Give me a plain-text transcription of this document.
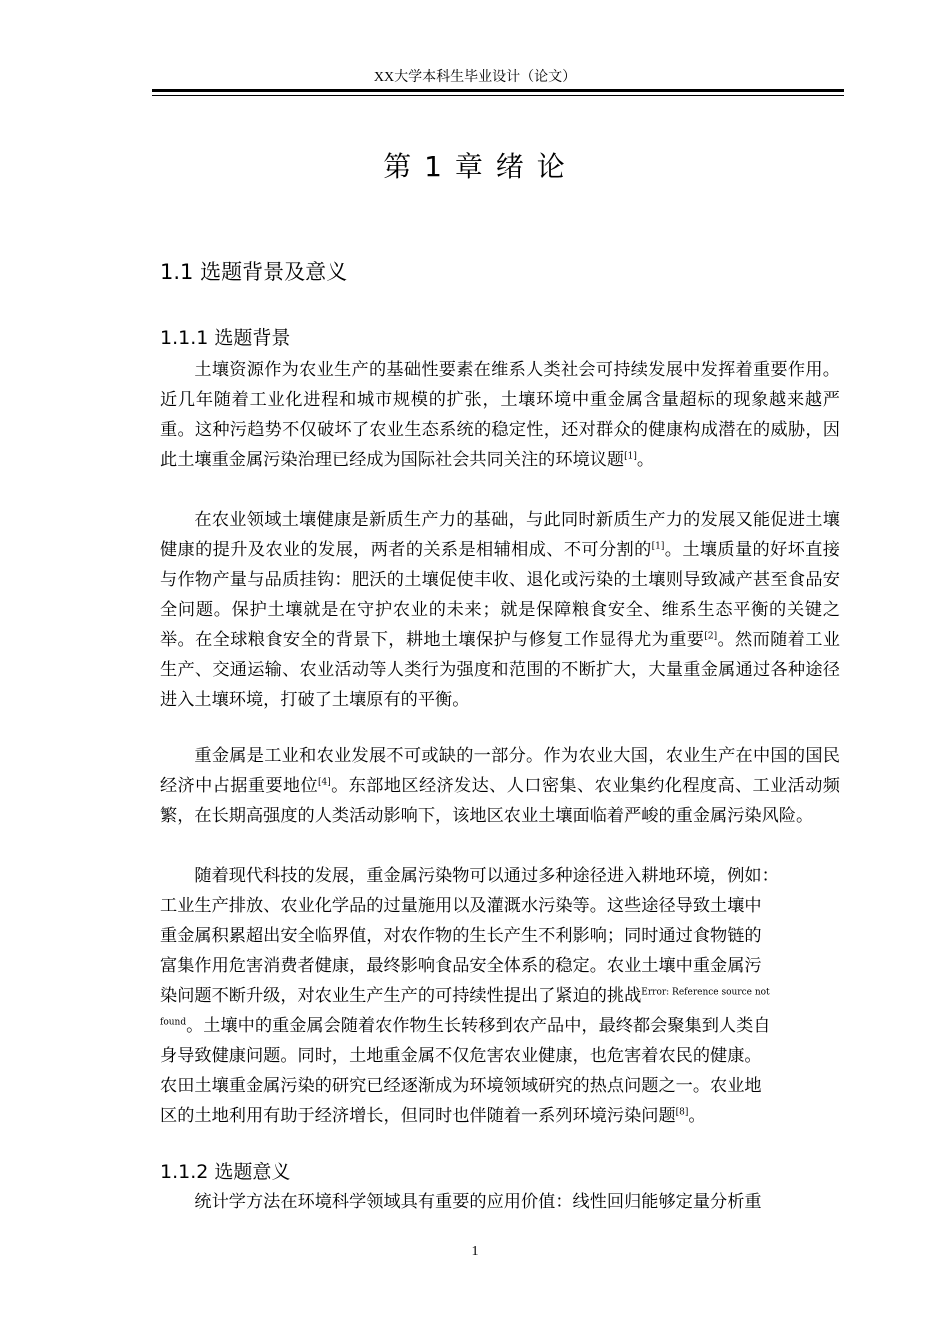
XX大学本科生毕业设计（论文）
第 1 章 绪 论
1.1 选题背景及意义
1.1.1 选题背景

土壤资源作为农业生产的基础性要素在维系人类社会可持续发展中发挥着重要作用。近几年随着工业化进程和城市规模的扩张，土壤环境中重金属含量超标的现象越来越严重。这种污趋势不仅破坏了农业生态系统的稳定性，还对群众的健康构成潜在的威胁，因此土壤重金属污染治理已经成为国际社会共同关注的环境议题[1]。

在农业领域土壤健康是新质生产力的基础，与此同时新质生产力的发展又能促进土壤健康的提升及农业的发展，两者的关系是相辅相成、不可分割的[1]。土壤质量的好坏直接与作物产量与品质挂钩：肥沃的土壤促使丰收、退化或污染的土壤则导致减产甚至食品安全问题。保护土壤就是在守护农业的未来；就是保障粮食安全、维系生态平衡的关键之举。在全球粮食安全的背景下，耕地土壤保护与修复工作显得尤为重要[2]。然而随着工业生产、交通运输、农业活动等人类行为强度和范围的不断扩大，大量重金属通过各种途径进入土壤环境，打破了土壤原有的平衡。

重金属是工业和农业发展不可或缺的一部分。作为农业大国，农业生产在中国的国民经济中占据重要地位[4]。东部地区经济发达、人口密集、农业集约化程度高、工业活动频繁，在长期高强度的人类活动影响下，该地区农业土壤面临着严峻的重金属污染风险。

随着现代科技的发展，重金属污染物可以通过多种途径进入耕地环境，例如：

工业生产排放、农业化学品的过量施用以及灌溉水污染等。这些途径导致土壤中

重金属积累超出安全临界值，对农作物的生长产生不利影响；同时通过食物链的

富集作用危害消费者健康，最终影响食品安全体系的稳定。农业土壤中重金属污

染问题不断升级，对农业生产生产的可持续性提出了紧迫的挑战$^{Error: Reference source not}$

$^{found}$。土壤中的重金属会随着农作物生长转移到农产品中，最终都会聚集到人类自

身导致健康问题。同时，土地重金属不仅危害农业健康，也危害着农民的健康。

农田土壤重金属污染的研究已经逐渐成为环境领域研究的热点问题之一。农业地

区的土地利用有助于经济增长，但同时也伴随着一系列环境污染问题[8]。

1.1.2 选题意义

统计学方法在环境科学领域具有重要的应用价值：线性回归能够定量分析重

1
